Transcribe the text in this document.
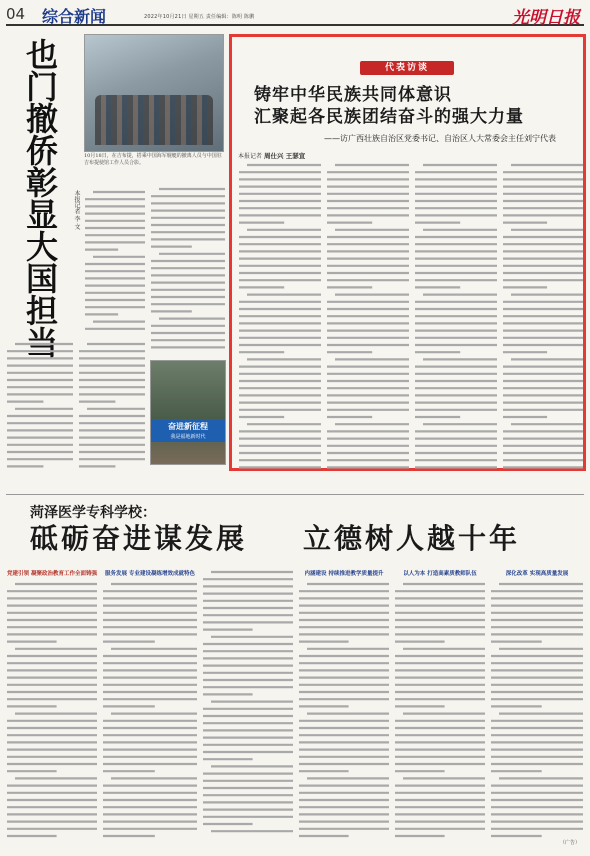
04 综合新闻	2022年10月21日 星期五 责任编辑：陈明 陈鹏	光明日报
也门撤侨彰显大国担当	本报记者 李 文
10月18日，在吉布提，搭乘中国海军舰艇的撤离人员与中国驻吉布提使馆工作人员合影。
奋进新征程
我是福地新时代
代表访谈
铸牢中华民族共同体意识
汇聚起各民族团结奋斗的强大力量
——访广西壮族自治区党委书记、自治区人大常委会主任刘宁代表
本报记者 周仕兴 王瑟宣
菏泽医学专科学校：
砥砺奋进谋发展 立德树人越十年
党建引领 凝聚政治教育工作全面铸强	服务发展 专业建设凝练增效成就特色	内涵建设 持续推进教学质量提升	以人为本 打造高素质教师队伍	深化改革 实现高质量发展
（广告）
